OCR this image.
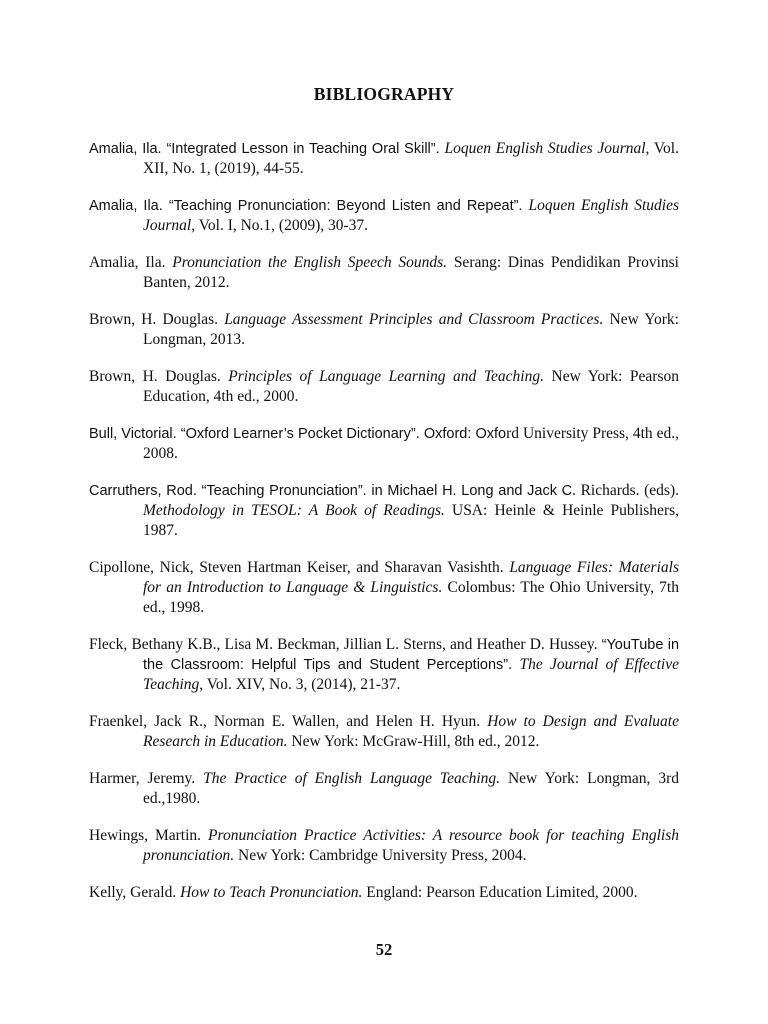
BIBLIOGRAPHY

Amalia, Ila. “Integrated Lesson in Teaching Oral Skill”. Loquen English Studies Journal, Vol. XII, No. 1, (2019), 44-55.

Amalia, Ila. “Teaching Pronunciation: Beyond Listen and Repeat”. Loquen English Studies Journal, Vol. I, No.1, (2009), 30-37.

Amalia, Ila. Pronunciation the English Speech Sounds. Serang: Dinas Pendidikan Provinsi Banten, 2012.

Brown, H. Douglas. Language Assessment Principles and Classroom Practices. New York: Longman, 2013.

Brown, H. Douglas. Principles of Language Learning and Teaching. New York: Pearson Education, 4th ed., 2000.

Bull, Victorial. “Oxford Learner’s Pocket Dictionary”. Oxford: Oxford University Press, 4th ed., 2008.

Carruthers, Rod. “Teaching Pronunciation”. in Michael H. Long and Jack C. Richards. (eds). Methodology in TESOL: A Book of Readings. USA: Heinle & Heinle Publishers, 1987.

Cipollone, Nick, Steven Hartman Keiser, and Sharavan Vasishth. Language Files: Materials for an Introduction to Language & Linguistics. Colombus: The Ohio University, 7th ed., 1998.

Fleck, Bethany K.B., Lisa M. Beckman, Jillian L. Sterns, and Heather D. Hussey. “YouTube in the Classroom: Helpful Tips and Student Perceptions”. The Journal of Effective Teaching, Vol. XIV, No. 3, (2014), 21-37.

Fraenkel, Jack R., Norman E. Wallen, and Helen H. Hyun. How to Design and Evaluate Research in Education. New York: McGraw-Hill, 8th ed., 2012.

Harmer, Jeremy. The Practice of English Language Teaching. New York: Longman, 3rd ed.,1980.

Hewings, Martin. Pronunciation Practice Activities: A resource book for teaching English pronunciation. New York: Cambridge University Press, 2004.

Kelly, Gerald. How to Teach Pronunciation. England: Pearson Education Limited, 2000.

52
